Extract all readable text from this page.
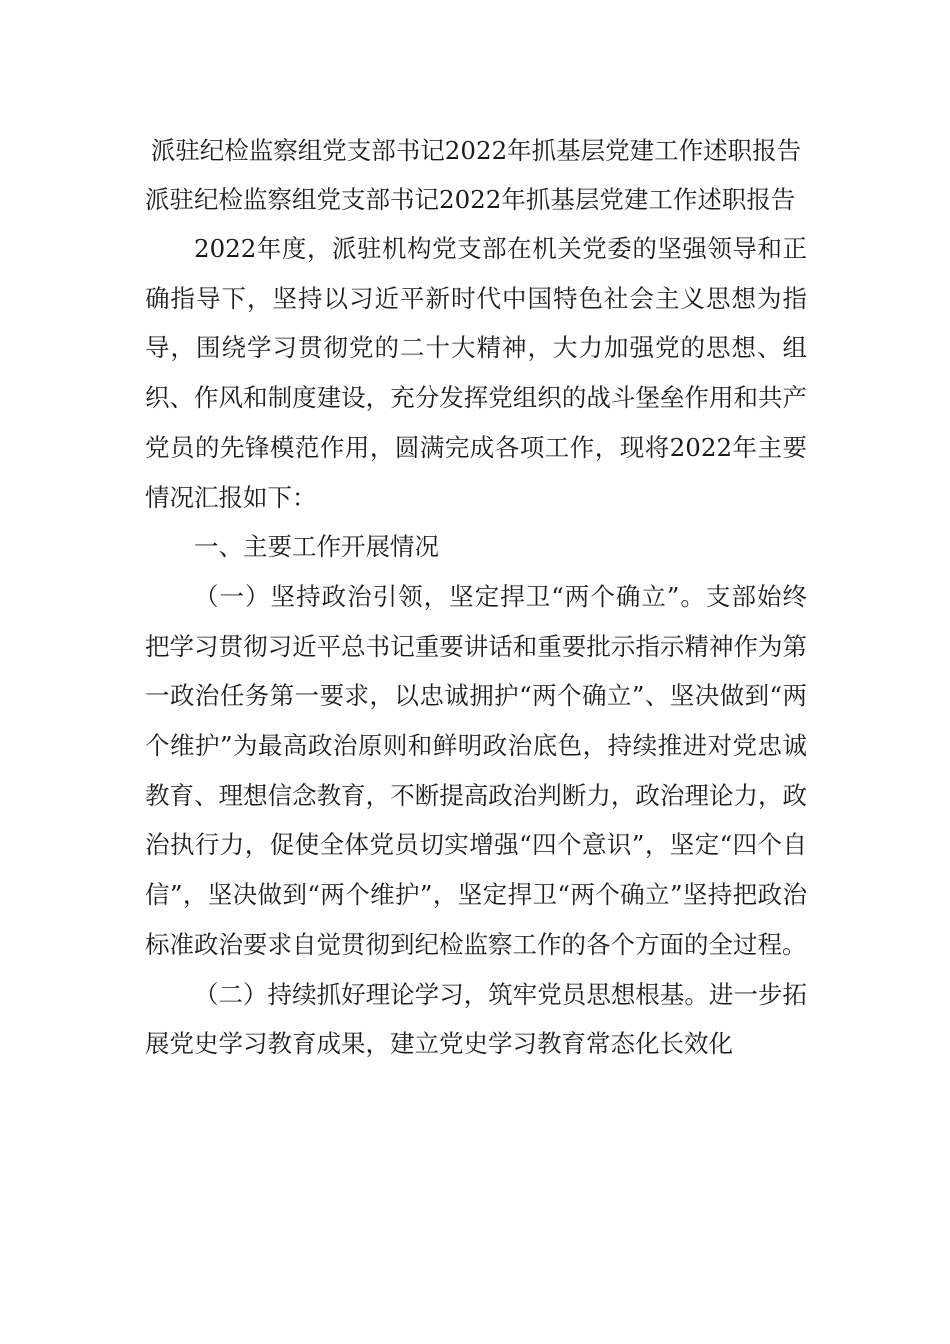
派驻纪检监察组党支部书记2022年抓基层党建工作述职报告

派驻纪检监察组党支部书记2022年抓基层党建工作述职报告

2022年度，派驻机构党支部在机关党委的坚强领导和正确指导下，坚持以习近平新时代中国特色社会主义思想为指导，围绕学习贯彻党的二十大精神，大力加强党的思想、组织、作风和制度建设，充分发挥党组织的战斗堡垒作用和共产党员的先锋模范作用，圆满完成各项工作，现将2022年主要情况汇报如下：

一、主要工作开展情况

（一）坚持政治引领，坚定捍卫“两个确立”。支部始终把学习贯彻习近平总书记重要讲话和重要批示指示精神作为第一政治任务第一要求，以忠诚拥护“两个确立”、坚决做到“两个维护”为最高政治原则和鲜明政治底色，持续推进对党忠诚教育、理想信念教育，不断提高政治判断力，政治理论力，政治执行力，促使全体党员切实增强“四个意识”，坚定“四个自信”，坚决做到“两个维护”，坚定捍卫“两个确立”坚持把政治标准政治要求自觉贯彻到纪检监察工作的各个方面的全过程。

（二）持续抓好理论学习，筑牢党员思想根基。进一步拓展党史学习教育成果，建立党史学习教育常态化长效化
